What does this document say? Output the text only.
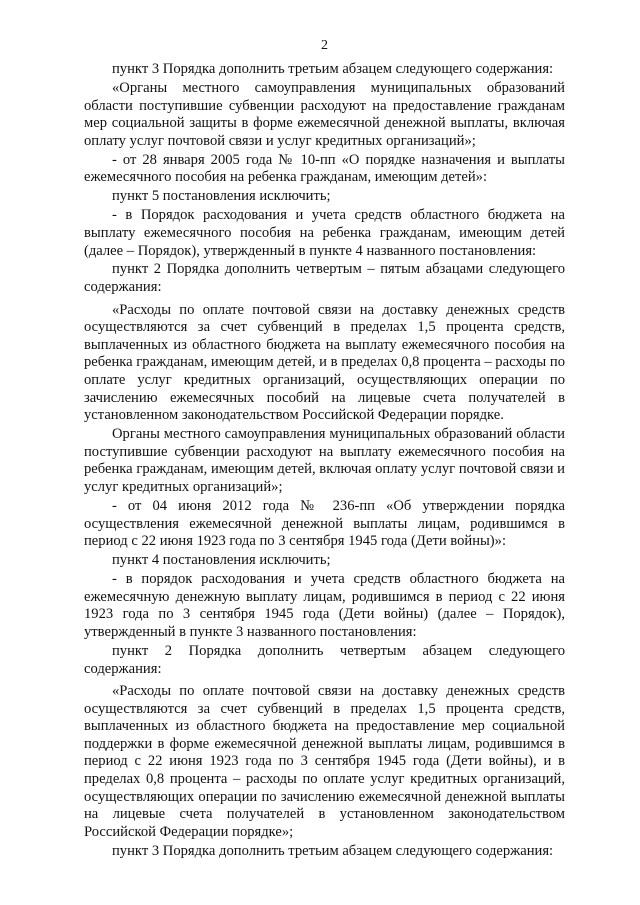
2

пункт 3 Порядка дополнить третьим абзацем следующего содержания:

«Органы местного самоуправления муниципальных образований области поступившие субвенции расходуют на предоставление гражданам мер социальной защиты в форме ежемесячной денежной выплаты, включая оплату услуг почтовой связи и услуг кредитных организаций»;

- от 28 января 2005 года № 10-пп «О порядке назначения и выплаты ежемесячного пособия на ребенка гражданам, имеющим детей»:

пункт 5 постановления исключить;

- в Порядок расходования и учета средств областного бюджета на выплату ежемесячного пособия на ребенка гражданам, имеющим детей (далее – Порядок), утвержденный в пункте 4 названного постановления:

пункт 2 Порядка дополнить четвертым – пятым абзацами следующего содержания:

«Расходы по оплате почтовой связи на доставку денежных средств осуществляются за счет субвенций в пределах 1,5 процента средств, выплаченных из областного бюджета на выплату ежемесячного пособия на ребенка гражданам, имеющим детей, и в пределах 0,8 процента – расходы по оплате услуг кредитных организаций, осуществляющих операции по зачислению ежемесячных пособий на лицевые счета получателей в установленном законодательством Российской Федерации порядке.

Органы местного самоуправления муниципальных образований области поступившие субвенции расходуют на выплату ежемесячного пособия на ребенка гражданам, имеющим детей, включая оплату услуг почтовой связи и услуг кредитных организаций»;

- от 04 июня 2012 года № 236-пп «Об утверждении порядка осуществления ежемесячной денежной выплаты лицам, родившимся в период с 22 июня 1923 года по 3 сентября 1945 года (Дети войны)»:

пункт 4 постановления исключить;

- в порядок расходования и учета средств областного бюджета на ежемесячную денежную выплату лицам, родившимся в период с 22 июня 1923 года по 3 сентября 1945 года (Дети войны) (далее – Порядок), утвержденный в пункте 3 названного постановления:

пункт 2 Порядка дополнить четвертым абзацем следующего содержания:

«Расходы по оплате почтовой связи на доставку денежных средств осуществляются за счет субвенций в пределах 1,5 процента средств, выплаченных из областного бюджета на предоставление мер социальной поддержки в форме ежемесячной денежной выплаты лицам, родившимся в период с 22 июня 1923 года по 3 сентября 1945 года (Дети войны), и в пределах 0,8 процента – расходы по оплате услуг кредитных организаций, осуществляющих операции по зачислению ежемесячной денежной выплаты на лицевые счета получателей в установленном законодательством Российской Федерации порядке»;

пункт 3 Порядка дополнить третьим абзацем следующего содержания:
